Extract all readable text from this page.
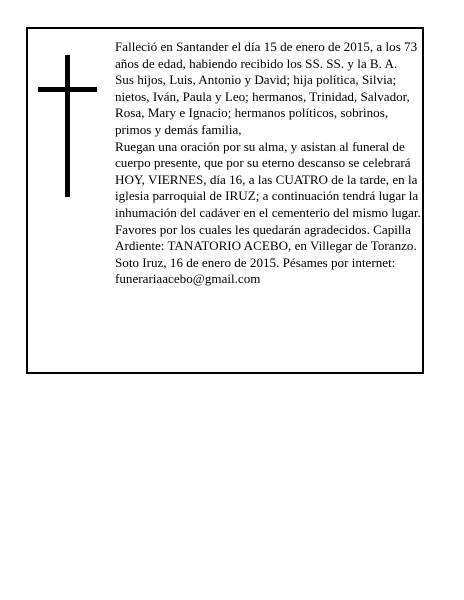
Falleció en Santander el día 15 de enero de 2015, a los 73 años de edad, habiendo recibido los SS. SS. y la B. A.

Sus hijos, Luis, Antonio y David; hija política, Silvia; nietos, Iván, Paula y Leo; hermanos, Trinidad, Salvador, Rosa, Mary e Ignacio; hermanos políticos, sobrinos, primos y demás familia,

Ruegan una oración por su alma, y asistan al funeral de cuerpo presente, que por su eterno descanso se celebrará HOY, VIERNES, día 16, a las CUATRO de la tarde, en la iglesia parroquial de IRUZ; a continuación tendrá lugar la inhumación del cadáver en el cementerio del mismo lugar. Favores por los cuales les quedarán agradecidos. Capilla Ardiente: TANATORIO ACEBO, en Villegar de Toranzo.

Soto Iruz, 16 de enero de 2015. Pésames por internet: funerariaacebo@gmail.com
